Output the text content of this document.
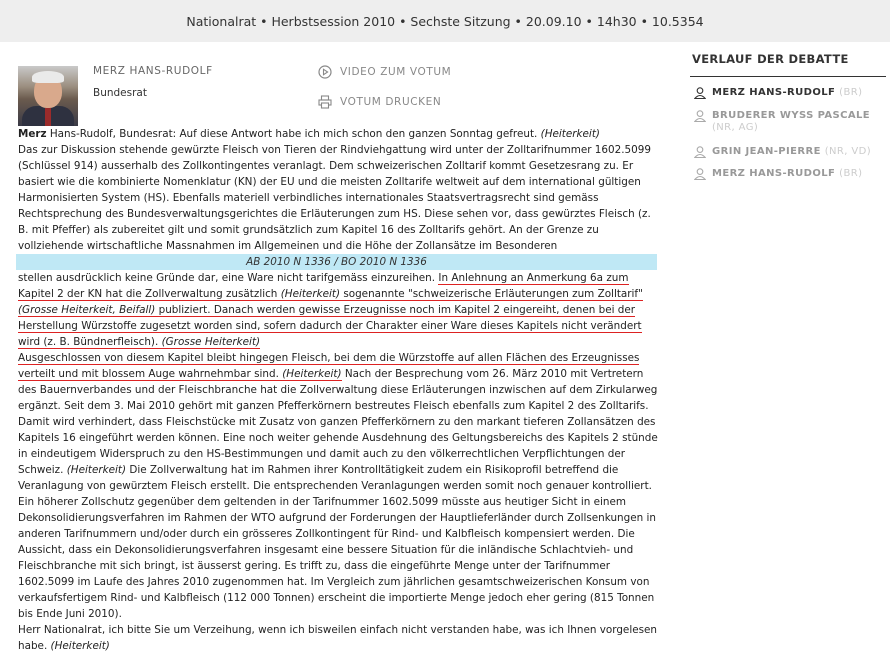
Nationalrat • Herbstsession 2010 • Sechste Sitzung • 20.09.10 • 14h30 • 10.5354
MERZ HANS-RUDOLF
Bundesrat
VIDEO ZUM VOTUM
VOTUM DRUCKEN

Merz Hans-Rudolf, Bundesrat: Auf diese Antwort habe ich mich schon den ganzen Sonntag gefreut. (Heiterkeit)

Das zur Diskussion stehende gewürzte Fleisch von Tieren der Rindviehgattung wird unter der Zolltarifnummer 1602.5099 (Schlüssel 914) ausserhalb des Zollkontingentes veranlagt. Dem schweizerischen Zolltarif kommt Gesetzesrang zu. Er basiert wie die kombinierte Nomenklatur (KN) der EU und die meisten Zolltarife weltweit auf dem international gültigen Harmonisierten System (HS). Ebenfalls materiell verbindliches internationales Staatsvertragsrecht sind gemäss Rechtsprechung des Bundesverwaltungsgerichtes die Erläuterungen zum HS. Diese sehen vor, dass gewürztes Fleisch (z. B. mit Pfeffer) als zubereitet gilt und somit grundsätzlich zum Kapitel 16 des Zolltarifs gehört. An der Grenze zu vollziehende wirtschaftliche Massnahmen im Allgemeinen und die Höhe der Zollansätze im Besonderen

AB 2010 N 1336 / BO 2010 N 1336

stellen ausdrücklich keine Gründe dar, eine Ware nicht tarifgemäss einzureihen. In Anlehnung an Anmerkung 6a zum Kapitel 2 der KN hat die Zollverwaltung zusätzlich (Heiterkeit) sogenannte "schweizerische Erläuterungen zum Zolltarif" (Grosse Heiterkeit, Beifall) publiziert. Danach werden gewisse Erzeugnisse noch im Kapitel 2 eingereiht, denen bei der Herstellung Würzstoffe zugesetzt worden sind, sofern dadurch der Charakter einer Ware dieses Kapitels nicht verändert wird (z. B. Bündnerfleisch). (Grosse Heiterkeit)

Ausgeschlossen von diesem Kapitel bleibt hingegen Fleisch, bei dem die Würzstoffe auf allen Flächen des Erzeugnisses verteilt und mit blossem Auge wahrnehmbar sind. (Heiterkeit) Nach der Besprechung vom 26. März 2010 mit Vertretern des Bauernverbandes und der Fleischbranche hat die Zollverwaltung diese Erläuterungen inzwischen auf dem Zirkularweg ergänzt. Seit dem 3. Mai 2010 gehört mit ganzen Pfefferkörnern bestreutes Fleisch ebenfalls zum Kapitel 2 des Zolltarifs. Damit wird verhindert, dass Fleischstücke mit Zusatz von ganzen Pfefferkörnern zu den markant tieferen Zollansätzen des Kapitels 16 eingeführt werden können. Eine noch weiter gehende Ausdehnung des Geltungsbereichs des Kapitels 2 stünde in eindeutigem Widerspruch zu den HS-Bestimmungen und damit auch zu den völkerrechtlichen Verpflichtungen der Schweiz. (Heiterkeit) Die Zollverwaltung hat im Rahmen ihrer Kontrolltätigkeit zudem ein Risikoprofil betreffend die Veranlagung von gewürztem Fleisch erstellt. Die entsprechenden Veranlagungen werden somit noch genauer kontrolliert. Ein höherer Zollschutz gegenüber dem geltenden in der Tarifnummer 1602.5099 müsste aus heutiger Sicht in einem Dekonsolidierungsverfahren im Rahmen der WTO aufgrund der Forderungen der Hauptlieferländer durch Zollsenkungen in anderen Tarifnummern und/oder durch ein grösseres Zollkontingent für Rind- und Kalbfleisch kompensiert werden. Die Aussicht, dass ein Dekonsolidierungsverfahren insgesamt eine bessere Situation für die inländische Schlachtvieh- und Fleischbranche mit sich bringt, ist äusserst gering. Es trifft zu, dass die eingeführte Menge unter der Tarifnummer 1602.5099 im Laufe des Jahres 2010 zugenommen hat. Im Vergleich zum jährlichen gesamtschweizerischen Konsum von verkaufsfertigem Rind- und Kalbfleisch (112 000 Tonnen) erscheint die importierte Menge jedoch eher gering (815 Tonnen bis Ende Juni 2010).

Herr Nationalrat, ich bitte Sie um Verzeihung, wenn ich bisweilen einfach nicht verstanden habe, was ich Ihnen vorgelesen habe. (Heiterkeit)

VERLAUF DER DEBATTE
MERZ HANS-RUDOLF (BR)
BRUDERER WYSS PASCALE (NR, AG)
GRIN JEAN-PIERRE (NR, VD)
MERZ HANS-RUDOLF (BR)
